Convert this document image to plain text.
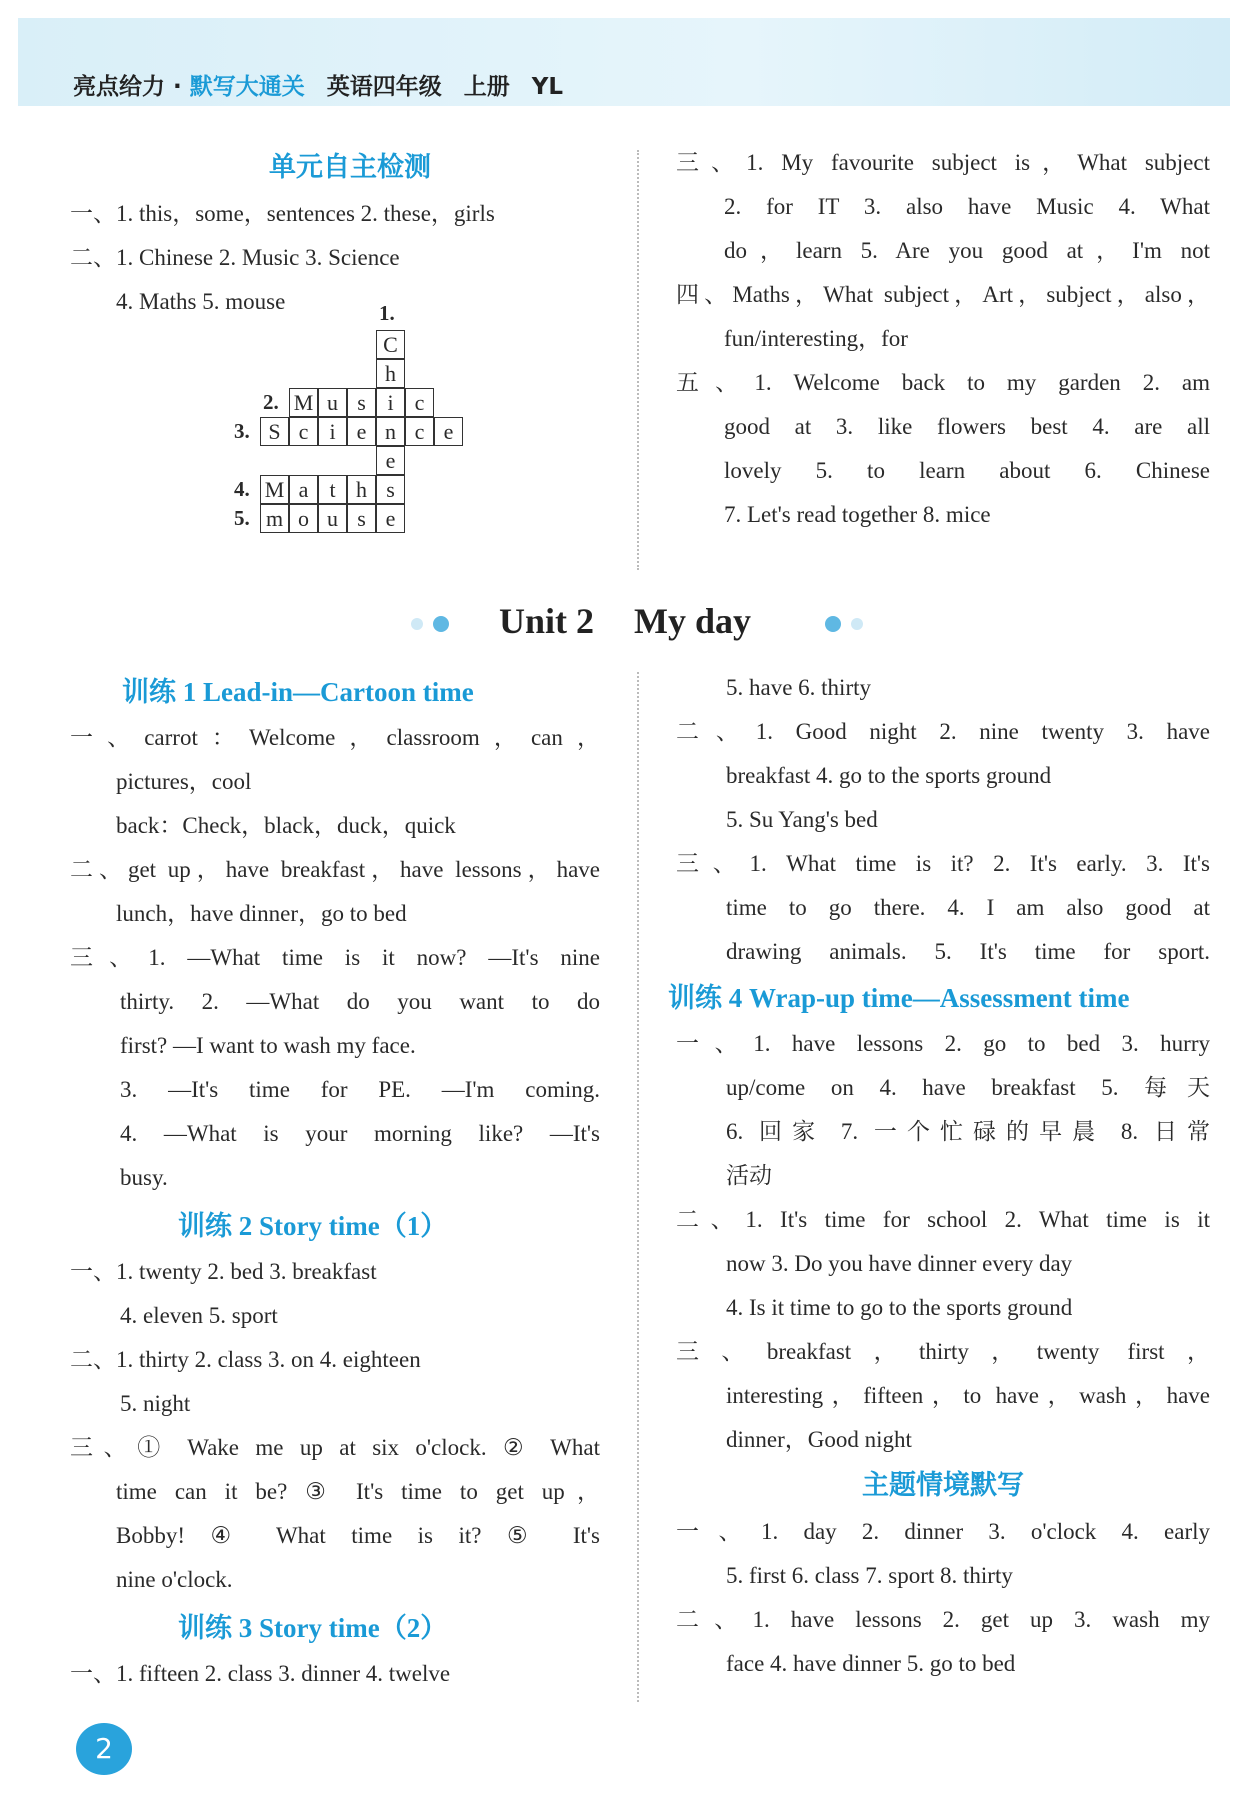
亮点给力 · 默写大通关 英语四年级 上册 YL
单元自主检测
一、1. this，some，sentences 2. these，girls
二、1. Chinese 2. Music 3. Science
4. Maths 5. mouse	1.
C
h
e
2. M u s i c
3. S c i e n c e
4. M a t h s
5. m o u s e
三、1. My favourite subject is，What subject
2. for IT 3. also have Music 4. What
do，learn 5. Are you good at，I'm not
四、Maths，What subject，Art，subject，also，
fun/interesting，for
五、1. Welcome back to my garden 2. am
good at 3. like flowers best 4. are all
lovely 5. to learn about 6. Chinese
7. Let's read together 8. mice
Unit 2 My day
训练 1 Lead-in—Cartoon time
一、carrot：Welcome，classroom，can，
pictures，cool
back：Check，black，duck，quick
二、get up，have breakfast，have lessons，have
lunch，have dinner，go to bed
三、1. —What time is it now? —It's nine
thirty. 2. —What do you want to do
first? —I want to wash my face.
3. —It's time for PE. —I'm coming.
4. —What is your morning like? —It's
busy.
训练 2 Story time（1）
一、1. twenty 2. bed 3. breakfast
4. eleven 5. sport
二、1. thirty 2. class 3. on 4. eighteen
5. night
三、① Wake me up at six o'clock. ② What
time can it be? ③ It's time to get up，
Bobby! ④ What time is it? ⑤ It's
nine o'clock.
训练 3 Story time（2）
一、1. fifteen 2. class 3. dinner 4. twelve
5. have 6. thirty
二、1. Good night 2. nine twenty 3. have
breakfast 4. go to the sports ground
5. Su Yang's bed
三、1. What time is it? 2. It's early. 3. It's
time to go there. 4. I am also good at
drawing animals. 5. It's time for sport.
训练 4 Wrap-up time—Assessment time
一、1. have lessons 2. go to bed 3. hurry
up/come on 4. have breakfast 5. 每天
6. 回家 7. 一个忙碌的早晨 8. 日常
活动
二、1. It's time for school 2. What time is it
now 3. Do you have dinner every day
4. Is it time to go to the sports ground
三、breakfast，thirty，twenty first，
interesting，fifteen，to have，wash，have
dinner，Good night
主题情境默写
一、1. day 2. dinner 3. o'clock 4. early
5. first 6. class 7. sport 8. thirty
二、1. have lessons 2. get up 3. wash my
face 4. have dinner 5. go to bed
2
